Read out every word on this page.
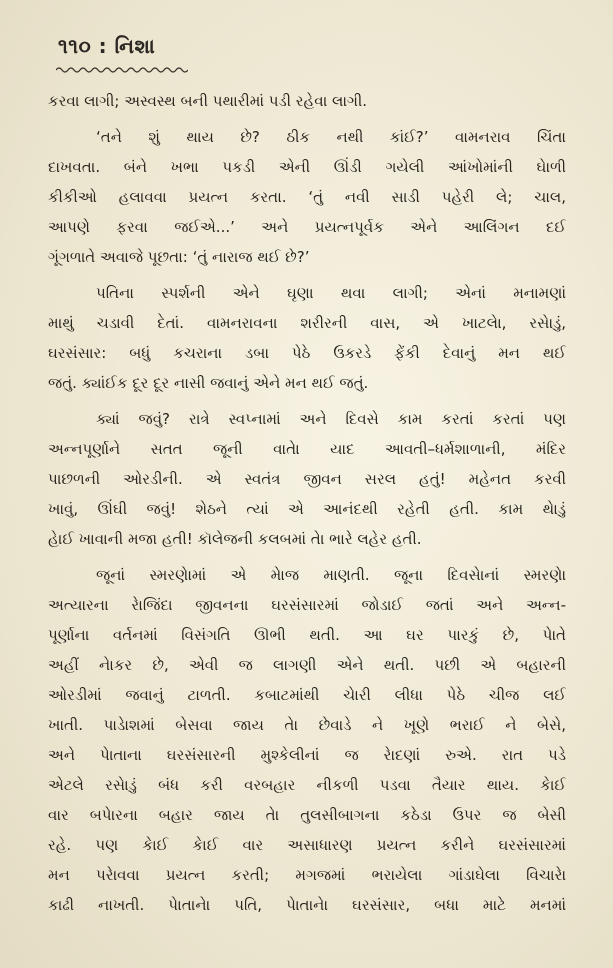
૧૧૦ : નિશા
કરવા લાગી; અસ્વસ્થ બની પથારીમાં પડી રહેવા લાગી.
‘તને શું થાય છે? ઠીક નથી કાંઈ?’ વામનરાવ ચિંતા
દાખવતા. બંને ખભા પકડી એની ઊંડી ગયેલી આંખોમાંની ઘેાળી
કીકીઓ હલાવવા પ્રયત્ન કરતા. ‘તું નવી સાડી પહેરી લે; ચાલ,
આપણે ફરવા જઈએ...’ અને પ્રયત્નપૂર્વક એને આલિંગન દઈ
ગૂંગળાતે અવાજે પૂછતા: ‘તું નારાજ થઈ છે?’
પતિના સ્પર્શની એને ઘૃણા થવા લાગી; એનાં મનામણાં
માથું ચડાવી દેતાં. વામનરાવના શરીરની વાસ, એ ખાટલેા, રસેાડું,
ઘરસંસાર: બધું કચરાના ડબા પેઠે ઉકરડે ફેંકી દેવાનું મન થઈ
જતું. ક્યાંઈક દૂર દૂર નાસી જવાનું એને મન થઈ જતું.
ક્યાં જવું? રાત્રે સ્વપ્નામાં અને દિવસે કામ કરતાં કરતાં પણ
અન્નપૂર્ણાને સતત જૂની વાતેા યાદ આવતી–ધર્મશાળાની, મંદિર
પાછળની ઓરડીની. એ સ્વતંત્ર જીવન સરલ હતું! મહેનત કરવી
ખાવું, ઊંઘી જવું! શેઠને ત્યાં એ આનંદથી રહેતી હતી. કામ થેાડું
હેાઈ ખાવાની મજા હતી! કૉલેજની કલબમાં તેા ભારે લહેર હતી.
જૂનાં સ્મરણેામાં એ મેાજ માણતી. જૂના દિવસેાનાં સ્મરણેા
અત્યારના રેાજિંદા જીવનના ઘરસંસારમાં જોડાઈ જતાં અને અન્ન-
પૂર્ણાના વર્તનમાં વિસંગતિ ઊભી થતી. આ ઘર પારકું છે, પેાતે
અહીં નેાકર છે, એવી જ લાગણી એને થતી. પછી એ બહારની
ઓરડીમાં જવાનું ટાળતી. કબાટમાંથી ચેારી લીધા પેઠે ચીજ લઈ
ખાતી. પાડેાશમાં બેસવા જાય તેા છેવાડે ને ખૂણે ભરાઈ ને બેસે,
અને પેાતાના ઘરસંસારની મુશ્કેલીનાં જ રેાદણાં રુએ. રાત પડે
એટલે રસેાડું બંધ કરી વરબહાર નીકળી પડવા તૈયાર થાય. કેાઈ
વાર બપેારના બહાર જાય તેા તુલસીબાગના કઠેડા ઉપર જ બેસી
રહે. પણ કેાઈ કેાઈ વાર અસાધારણ પ્રયત્ન કરીને ઘરસંસારમાં
મન પરેાવવા પ્રયત્ન કરતી; મગજમાં ભરાયેલા ગાંડાઘેલા વિચારેા
કાઢી નાખતી. પેાતાનેા પતિ, પેાતાનેા ઘરસંસાર, બધા માટે મનમાં
